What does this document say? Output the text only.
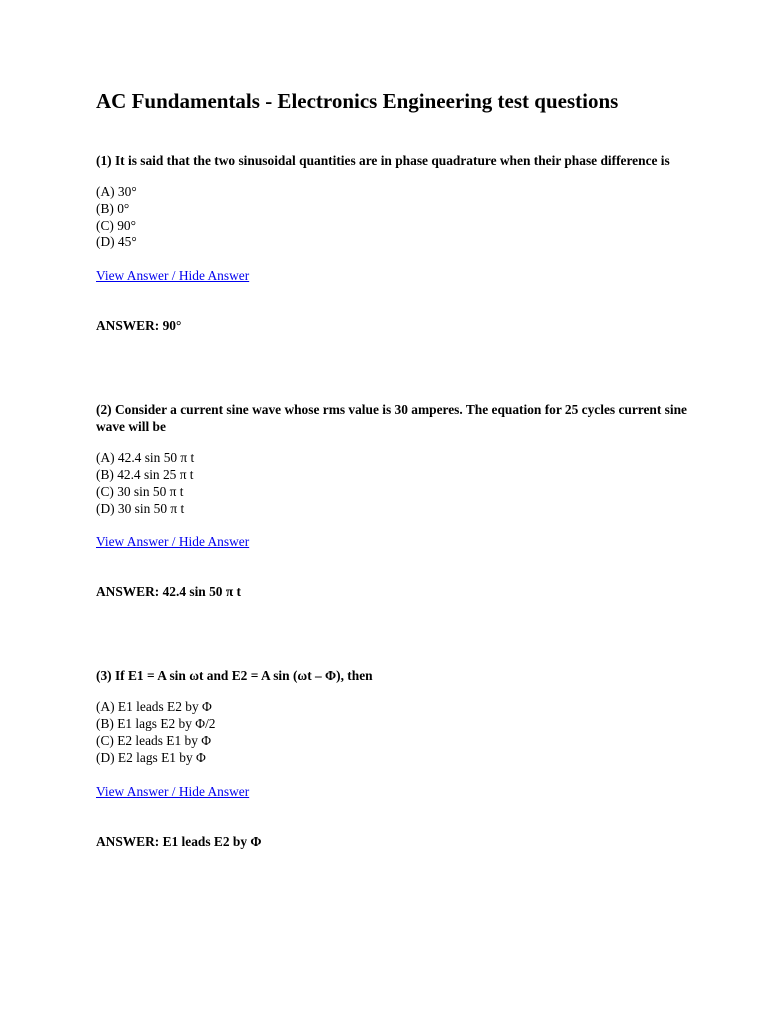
AC Fundamentals - Electronics Engineering test questions

(1) It is said that the two sinusoidal quantities are in phase quadrature when their phase difference is

(A) 30°
(B) 0°
(C) 90°
(D) 45°
View Answer / Hide Answer

ANSWER: 90°

(2) Consider a current sine wave whose rms value is 30 amperes. The equation for 25 cycles current sine wave will be

(A) 42.4 sin 50 π t
(B) 42.4 sin 25 π t
(C) 30 sin 50 π t
(D) 30 sin 50 π t
View Answer / Hide Answer

ANSWER: 42.4 sin 50 π t

(3) If E1 = A sin ωt and E2 = A sin (ωt – Φ), then

(A) E1 leads E2 by Φ
(B) E1 lags E2 by Φ/2
(C) E2 leads E1 by Φ
(D) E2 lags E1 by Φ
View Answer / Hide Answer

ANSWER: E1 leads E2 by Φ
